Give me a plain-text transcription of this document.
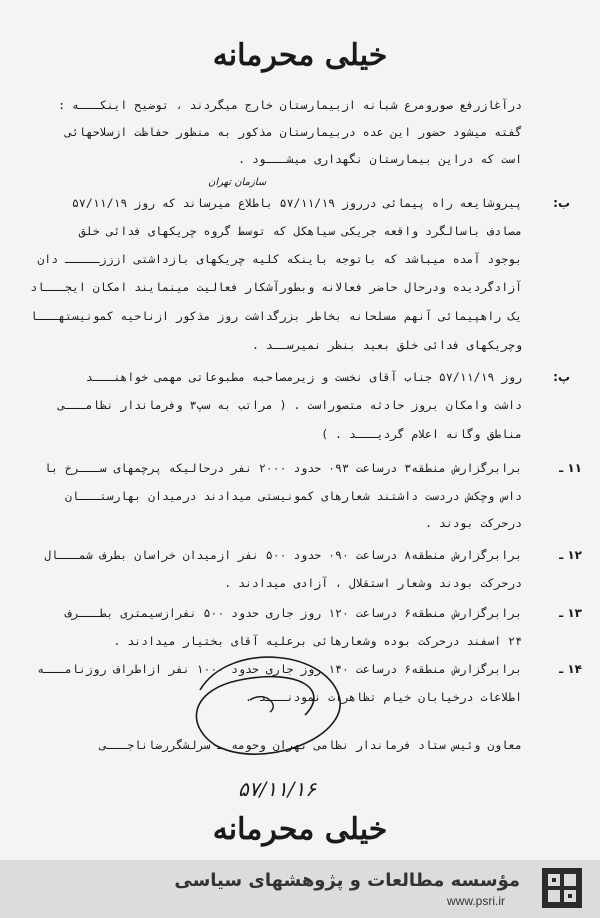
خیلی محرمانه
درآغازرفع صورومرع شبانه ازبیمارستان خارج میگردند ، توضیح اینکـــه :
گفته میشود حضور این عده دربیمارستان مذکور به منظور حفاظت ازسلاحهائی
است که دراین بیمارستان نگهداری میشـــود .
سازمان تهران
ب:
پیروشایعه راه پیمائی درروز ۵۷/۱۱/۱۹ باطلاع میرساند که روز ۵۷/۱۱/۱۹
مصادف باسالگرد واقعه جریکی سیاهکل که توسط گروه چریکهای فدائی خلق
بوجود آمده میباشد که باتوجه باینکه کلیه چریکهای بازداشتی ازززـــــ دان
آزادگردیده ودرحال حاضر فعالانه وبطورآشکار فعالیت مینمایند امکان ایجـــاد
یک راهپیمائی آنهم مسلحانه بخاطر بزرگداشت روز مذکور ازناحیه کمونیستهـــا
وچریکهای فدائی خلق بعید بنظر نمیرســد .
پ:
روز ۵۷/۱۱/۱۹ جناب آقای نخست و زیرمصاحبه مطبوعاتی مهمی خواهنـــد
داشت وامکان بروز حادثه متصوراست . ( مراتب به سپ۳ وفرماندار نظامـــی
مناطق وگانه اعلام گردیـــد . )
۱۱ ـ
برابرگزارش منطقه۳ درساعت ۰۹۳ حدود ۲۰۰۰ نفر درحالیکه پرچمهای ســـرخ با
داس وچکش دردست داشتند شعارهای کمونیستی میدادند درمیدان بهارستـــان
درحرکت بودند .
۱۲ ـ
برابرگزارش منطقه۸ درساعت ۰۹۰ حدود ۵۰۰ نفر ازمیدان خراسان بطرف شمـــال
درحرکت بودند وشعار استقلال ، آزادی میدادند .
۱۳ ـ
برابرگزارش منطقه۶ درساعت ۱۲۰ روز جاری حدود ۵۰۰ نفرازسیمتری بطـــرف
۲۴ اسفند درحرکت بوده وشعارهائی برعلیه آقای بختیار میدادند .
۱۴ ـ
برابرگزارش منطقه۶ درساعت ۱۴۰ روز جاری حدود ۱۰۰۰ نفر ازاطراف روزنامـــه
اطلاعات درخیابان خیام تظاهرات نمودنـــد .
معاون وئیس ستاد فرماندار نظامی تهران وحومه ـ سرلشگررضاناجـــی
۵۷/۱۱/۱۶
خیلی محرمانه
مؤسسه مطالعات و پژوهشهای سیاسی
www.psri.ir
